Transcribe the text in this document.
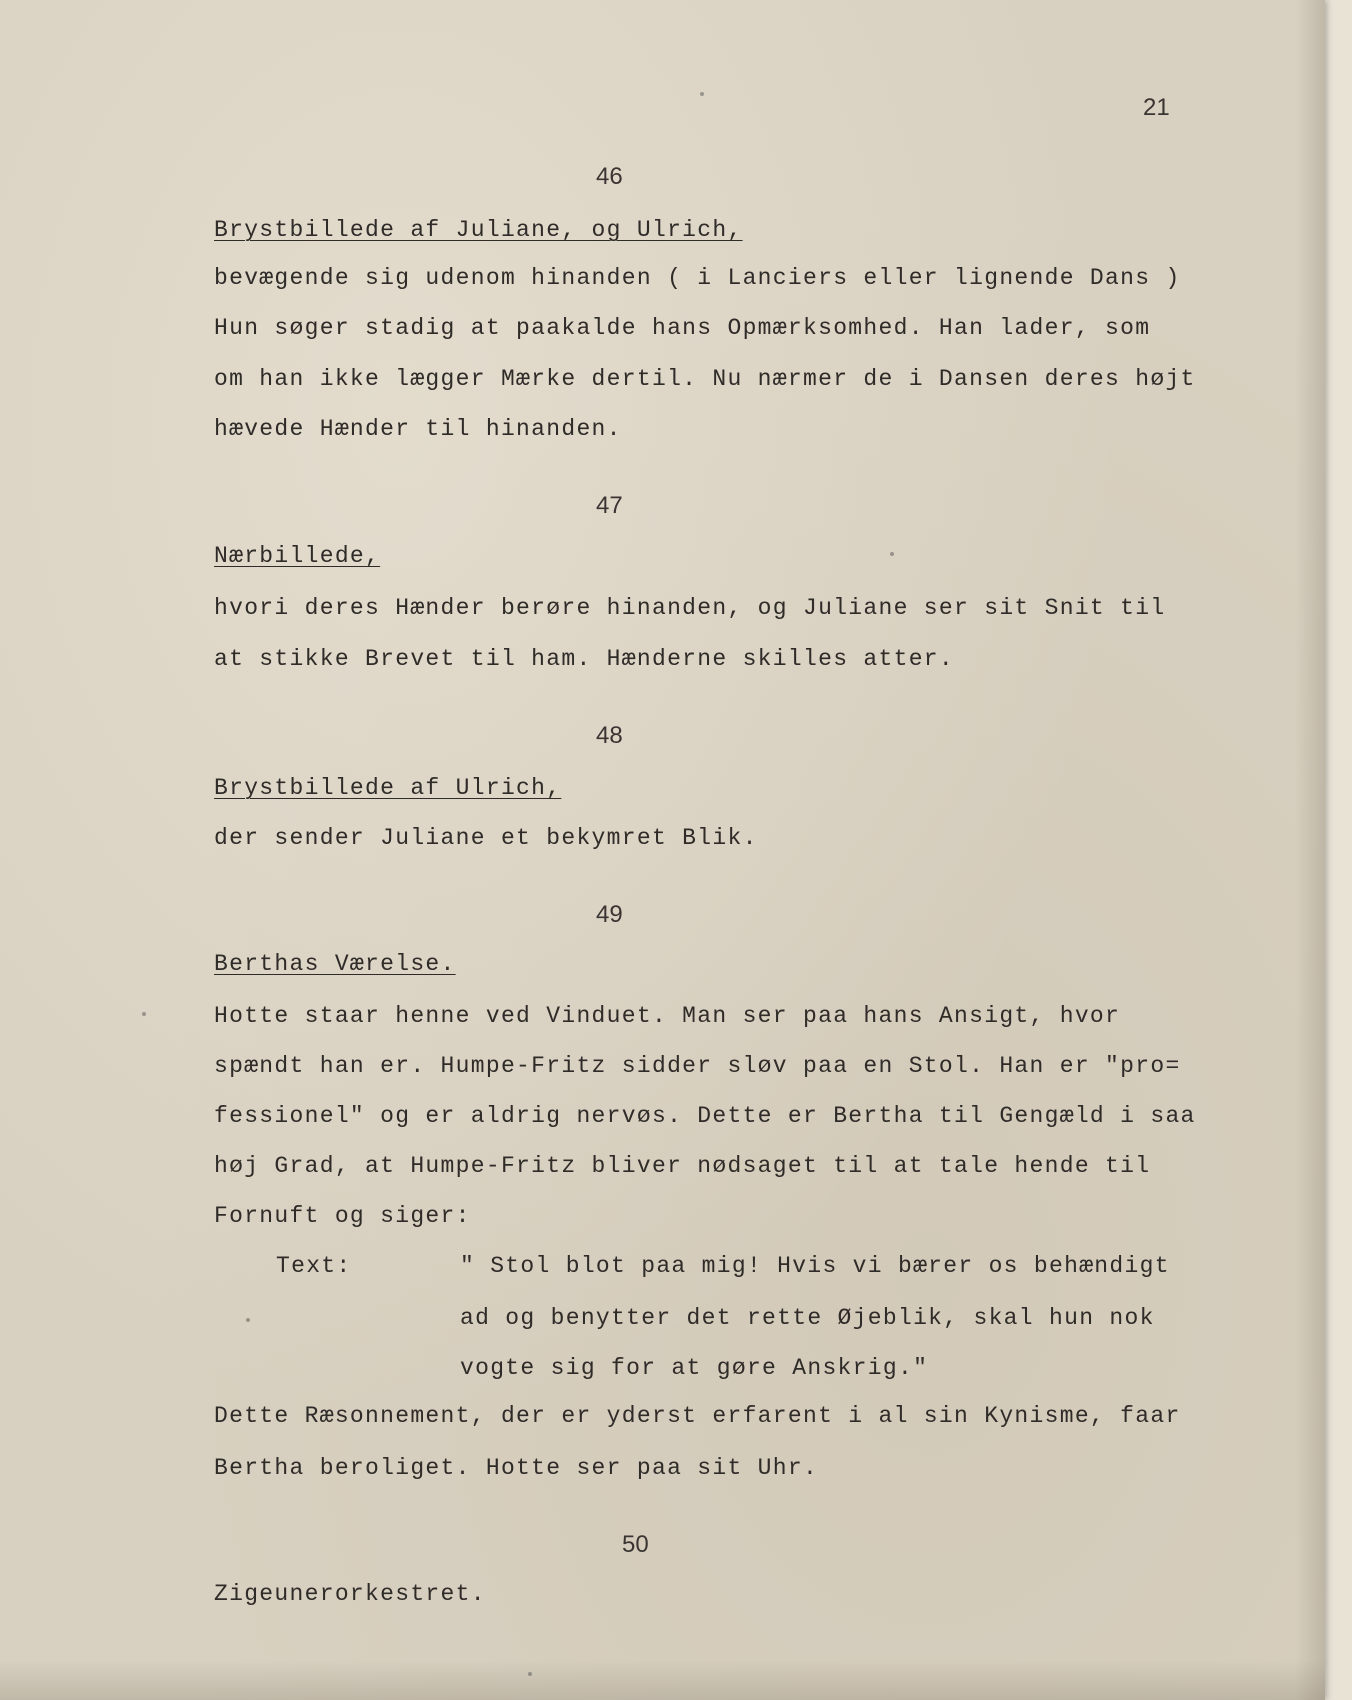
21
46
Brystbillede af Juliane, og Ulrich,
bevægende sig udenom hinanden ( i Lanciers eller lignende Dans )
Hun søger stadig at paakalde hans Opmærksomhed. Han lader, som
om han ikke lægger Mærke dertil. Nu nærmer de i Dansen deres højt
hævede Hænder til hinanden.
47
Nærbillede,
hvori deres Hænder berøre hinanden, og Juliane ser sit Snit til
at stikke Brevet til ham. Hænderne skilles atter.
48
Brystbillede af Ulrich,
der sender Juliane et bekymret Blik.
49
Berthas Værelse.
Hotte staar henne ved Vinduet. Man ser paa hans Ansigt, hvor
spændt han er. Humpe-Fritz sidder sløv paa en Stol. Han er "pro=
fessionel" og er aldrig nervøs. Dette er Bertha til Gengæld i saa
høj Grad, at Humpe-Fritz bliver nødsaget til at tale hende til
Fornuft og siger:
Text:	" Stol blot paa mig! Hvis vi bærer os behændigt
ad og benytter det rette Øjeblik, skal hun nok
vogte sig for at gøre Anskrig."
Dette Ræsonnement, der er yderst erfarent i al sin Kynisme, faar
Bertha beroliget. Hotte ser paa sit Uhr.
50
Zigeunerorkestret.
